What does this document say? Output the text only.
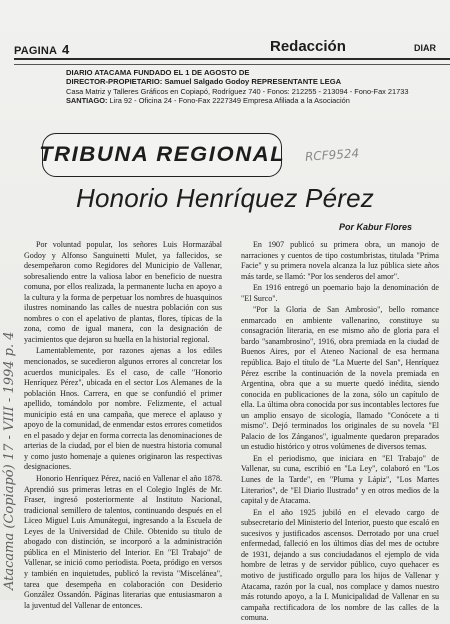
PAGINA 4	Redacción	DIAR
DIARIO ATACAMA FUNDADO EL 1 DE AGOSTO DE
DIRECTOR-PROPIETARIO: Samuel Salgado Godoy REPRESENTANTE LEGA
Casa Matriz y Talleres Gráficos en Copiapó, Rodríguez 740 - Fonos: 212255 - 213094 - Fono-Fax 21733
SANTIAGO: Lira 92 - Oficina 24 - Fono-Fax 2227349 Empresa Afiliada a la Asociación
TRIBUNA REGIONAL RCF9524
Honorio Henríquez Pérez
Por Kabur Flores

Por voluntad popular, los señores Luis Hormazábal Godoy y Alfonso Sanguinetti Mulet, ya fallecidos, se desempeñaron como Regidores del Municipio de Vallenar, sobresaliendo entre la valiosa labor en beneficio de nuestra comuna, por ellos realizada, la permanente lucha en apoyo a la cultura y la forma de perpetuar los nombres de huasquinos ilustres nominando las calles de nuestra población con sus nombres o con el apelativo de plantas, flores, típicas de la zona, como de igual manera, con la designación de yacimientos que dejaron su huella en la historial regional.

Lamentablemente, por razones ajenas a los ediles mencionados, se sucedieron algunos errores al concretar los acuerdos municipales. Es el caso, de calle "Honorio Henríquez Pérez", ubicada en el sector Los Alemanes de la población Hnos. Carrera, en que se confundió el primer apellido, tomándolo por nombre. Felizmente, el actual municipio está en una campaña, que merece el aplauso y apoyo de la comunidad, de enmendar estos errores cometidos en el pasado y dejar en forma correcta las denominaciones de arterias de la ciudad, por el bien de nuestra historia comunal y como justo homenaje a quienes originaron las respectivas designaciones.

Honorio Henríquez Pérez, nació en Vallenar el año 1878. Aprendió sus primeras letras en el Colegio Inglés de Mr. Fraser, ingresó posteriormente al Instituto Nacional, tradicional semillero de talentos, continuando después en el Liceo Miguel Luis Amunátegui, ingresando a la Escuela de Leyes de la Universidad de Chile. Obtenido su título de abogado con distinción, se incorporó a la administración pública en el Ministerio del Interior. En "El Trabajo" de Vallenar, se inició como periodista. Poeta, pródigo en versos y también en inquietudes, publicó la revista "Miscelánea", tarea que desempeña en colaboración con Desiderio González Ossandón. Páginas literarias que entusiasmaron a la juventud del Vallenar de entonces.

En 1907 publicó su primera obra, un manojo de narraciones y cuentos de tipo costumbristas, titulada "Prima Facie" y su primera novela alcanza la luz pública siete años más tarde, se llamó: "Por los senderos del amor".

En 1916 entregó un poemario bajo la denominación de "El Surco".

"Por la Gloria de San Ambrosio", bello romance enmarcado en ambiente vallenarino, constituye su consagración literaria, en ese mismo año de gloria para el bardo "sanambrosino", 1916, obra premiada en la ciudad de Buenos Aires, por el Ateneo Nacional de esa hermana república. Bajo el título de "La Muerte del San", Henríquez Pérez escribe la continuación de la novela premiada en Argentina, obra que a su muerte quedó inédita, siendo conocida en publicaciones de la zona, sólo un capítulo de ella. La última obra conocida por sus incontables lectores fue un amplio ensayo de sicología, llamado "Conócete a ti mismo". Dejó terminados los originales de su novela "El Palacio de los Zánganos", igualmente quedaron preparados un estudio histórico y otros volúmenes de diversos temas.

En el periodismo, que iniciara en "El Trabajo" de Vallenar, su cuna, escribió en "La Ley", colaboró en "Los Lunes de la Tarde", en "Pluma y Lápiz", "Los Martes Literarios", de "El Diario Ilustrado" y en otros medios de la capital y de Atacama.

En el año 1925 jubiló en el elevado cargo de subsecretario del Ministerio del Interior, puesto que escaló en sucesivos y justificados ascensos. Derrotado por una cruel enfermedad, falleció en los últimos días del mes de octubre de 1931, dejando a sus conciudadanos el ejemplo de vida hombre de letras y de servidor público, cuyo quehacer es motivo de justificado orgullo para los hijos de Vallenar y Atacama, razón por la cual, nos complace y damos nuestro más rotundo apoyo, a la I. Municipalidad de Vallenar en su campaña rectificadora de los nombre de las calles de la comuna.

Atacama (Copiapó) 17 - VIII - 1994 p. 4
